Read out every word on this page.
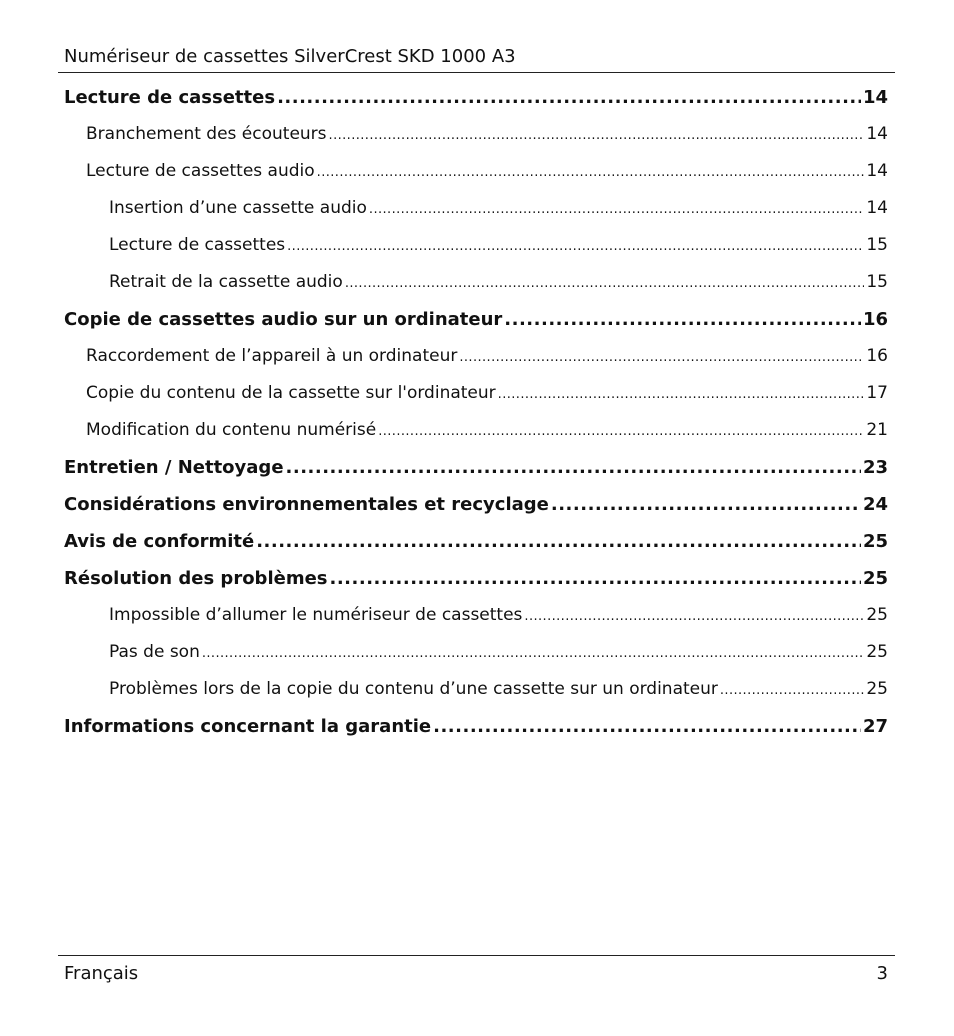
Numériseur de cassettes SilverCrest SKD 1000 A3
Lecture de cassettes .....	14
Branchement des écouteurs .....	14
Lecture de cassettes audio .....	14
Insertion d’une cassette audio .....	14
Lecture de cassettes .....	15
Retrait de la cassette audio .....	15
Copie de cassettes audio sur un ordinateur .....	16
Raccordement de l’appareil à un ordinateur .....	16
Copie du contenu de la cassette sur l'ordinateur .....	17
Modification du contenu numérisé .....	21
Entretien / Nettoyage .....	23
Considérations environnementales et recyclage .....	24
Avis de conformité .....	25
Résolution des problèmes .....	25
Impossible d’allumer le numériseur de cassettes .....	25
Pas de son .....	25
Problèmes lors de la copie du contenu d’une cassette sur un ordinateur .....	25
Informations concernant la garantie .....	27
Français	3
